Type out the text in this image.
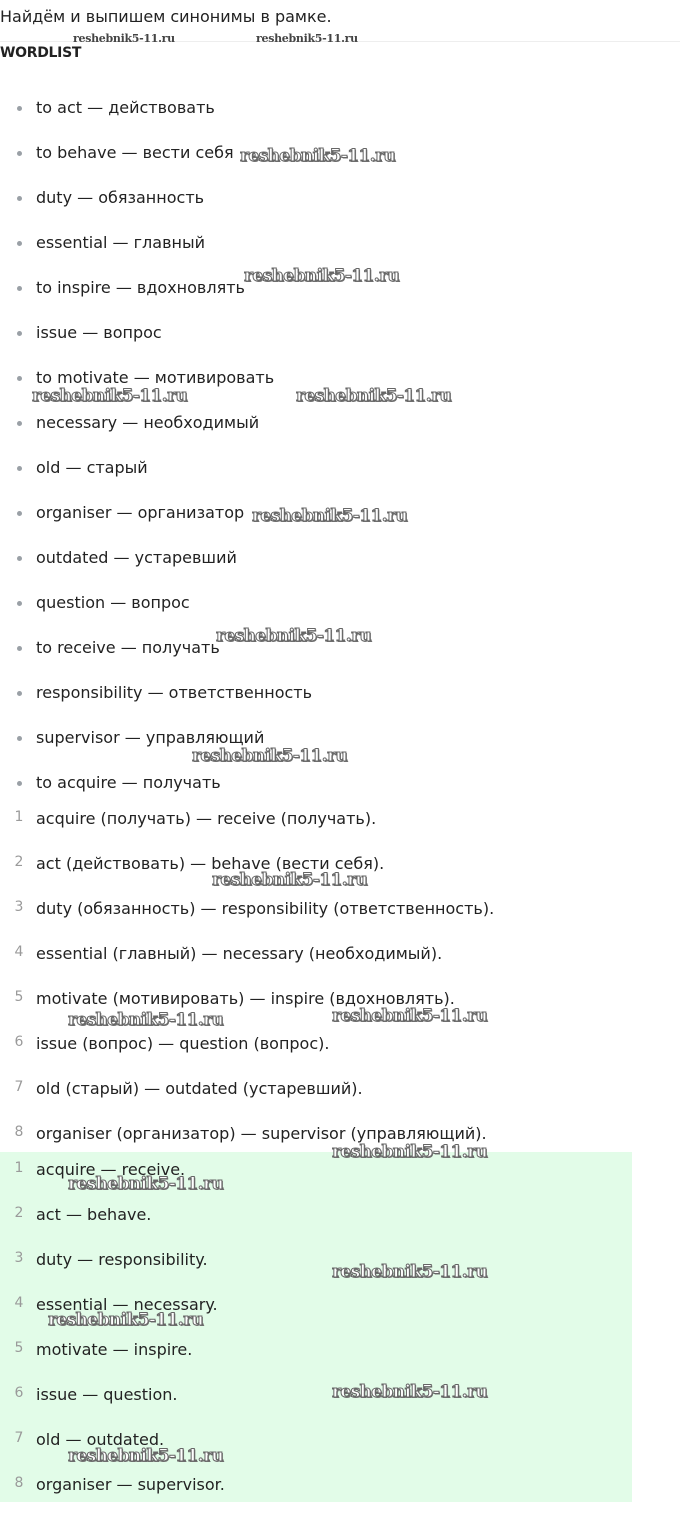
Найдём и выпишем синонимы в рамке.
WORDLIST
to act — действовать
to behave — вести себя
duty — обязанность
essential — главный
to inspire — вдохновлять
issue — вопрос
to motivate — мотивировать
necessary — необходимый
old — старый
organiser — организатор
outdated — устаревший
question — вопрос
to receive — получать
responsibility — ответственность
supervisor — управляющий
to acquire — получать
1 acquire (получать) — receive (получать).
2 act (действовать) — behave (вести себя).
3 duty (обязанность) — responsibility (ответственность).
4 essential (главный) — necessary (необходимый).
5 motivate (мотивировать) — inspire (вдохновлять).
6 issue (вопрос) — question (вопрос).
7 old (старый) — outdated (устаревший).
8 organiser (организатор) — supervisor (управляющий).
1 acquire — receive.
2 act — behave.
3 duty — responsibility.
4 essential — necessary.
5 motivate — inspire.
6 issue — question.
7 old — outdated.
8 organiser — supervisor.
reshebnik5-11.ru	reshebnik5-11.ru
reshebnik5-11.ru
reshebnik5-11.ru
reshebnik5-11.ru	reshebnik5-11.ru
reshebnik5-11.ru
reshebnik5-11.ru
reshebnik5-11.ru
reshebnik5-11.ru
reshebnik5-11.ru	reshebnik5-11.ru
reshebnik5-11.ru
reshebnik5-11.ru
reshebnik5-11.ru
reshebnik5-11.ru
reshebnik5-11.ru
reshebnik5-11.ru
